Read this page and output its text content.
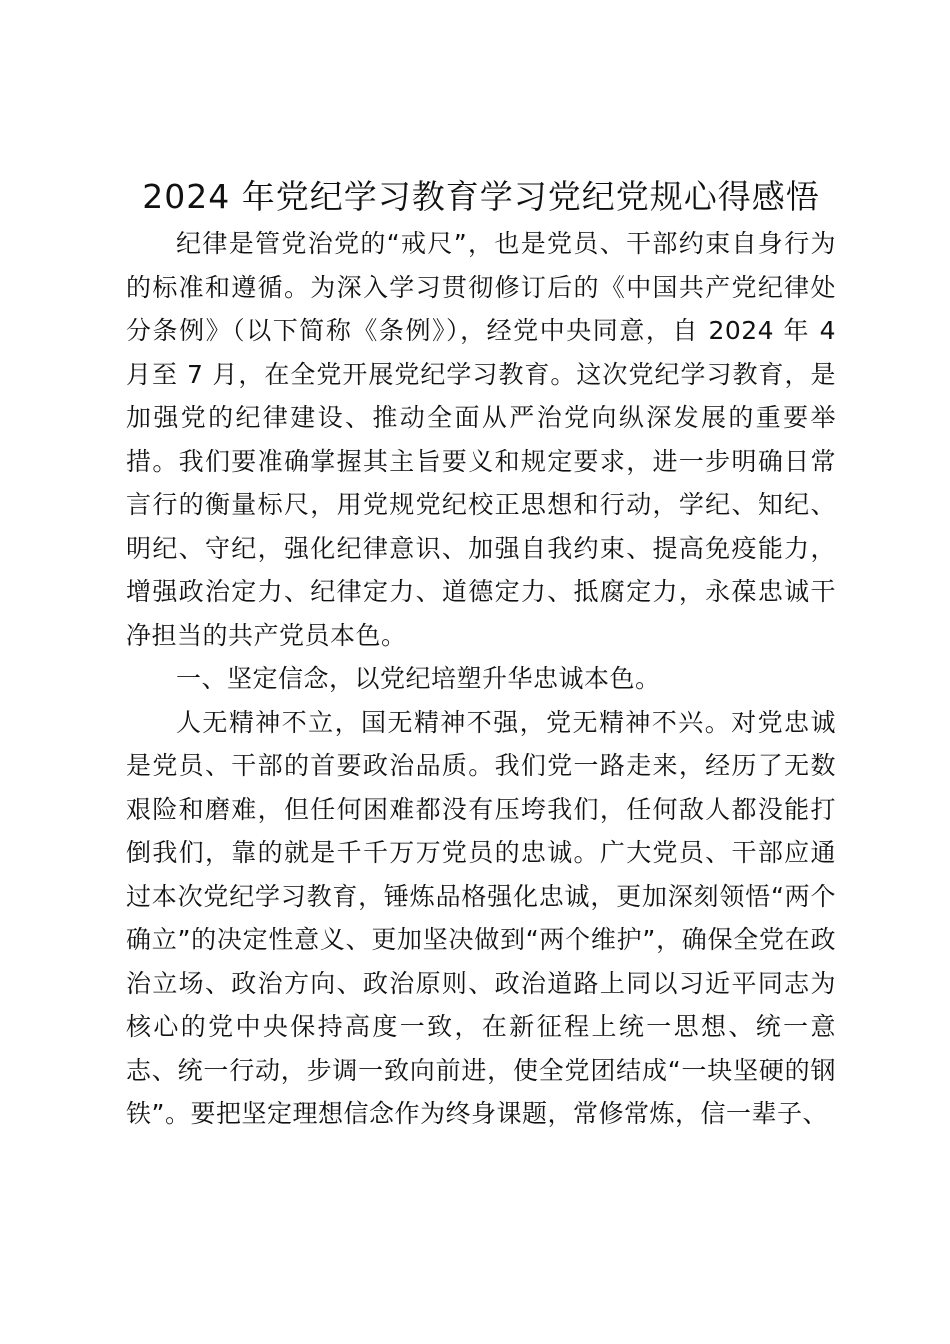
2024 年党纪学习教育学习党纪党规心得感悟

纪律是管党治党的“戒尺”，也是党员、干部约束自身行为的标准和遵循。为深入学习贯彻修订后的《中国共产党纪律处分条例》（以下简称《条例》），经党中央同意，自 2024 年 4 月至 7 月，在全党开展党纪学习教育。这次党纪学习教育，是加强党的纪律建设、推动全面从严治党向纵深发展的重要举措。我们要准确掌握其主旨要义和规定要求，进一步明确日常言行的衡量标尺，用党规党纪校正思想和行动，学纪、知纪、明纪、守纪，强化纪律意识、加强自我约束、提高免疫能力，增强政治定力、纪律定力、道德定力、抵腐定力，永葆忠诚干净担当的共产党员本色。

一、坚定信念，以党纪培塑升华忠诚本色。

人无精神不立，国无精神不强，党无精神不兴。对党忠诚是党员、干部的首要政治品质。我们党一路走来，经历了无数艰险和磨难，但任何困难都没有压垮我们，任何敌人都没能打倒我们，靠的就是千千万万党员的忠诚。广大党员、干部应通过本次党纪学习教育，锤炼品格强化忠诚，更加深刻领悟“两个确立”的决定性意义、更加坚决做到“两个维护”，确保全党在政治立场、政治方向、政治原则、政治道路上同以习近平同志为核心的党中央保持高度一致，在新征程上统一思想、统一意志、统一行动，步调一致向前进，使全党团结成“一块坚硬的钢铁”。要把坚定理想信念作为终身课题，常修常炼，信一辈子、
